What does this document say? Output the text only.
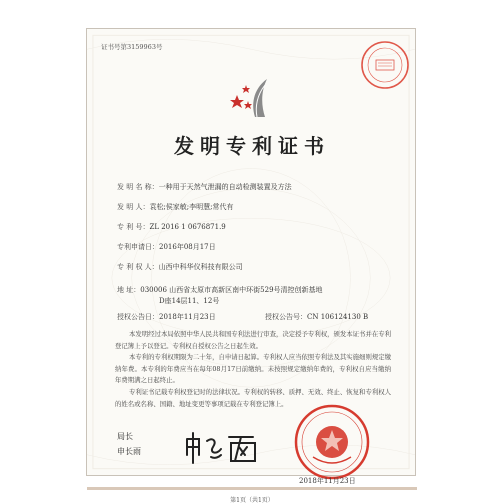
证书号第3159963号
发明专利证书
发 明 名 称：一种用于天然气泄漏的自动检测装置及方法
发 明 人：袁松;侯家敏;李明慧;常代有
专 利 号：ZL 2016 1 0676871.9
专利申请日：2016年08月17日
专 利 权 人：山西中科华仪科技有限公司
地 址：030006 山西省太原市高新区南中环街529号清控创新基地
D座14层11、12号
授权公告日：2018年11月23日	授权公告号：CN 106124130 B
本发明经过本局依照中华人民共和国专利法进行审查，决定授予专利权，颁发本证书并在专利登记簿上予以登记。专利权自授权公告之日起生效。
本专利的专利权期限为二十年，自申请日起算。专利权人应当依照专利法及其实施细则规定缴纳年费。本专利的年费应当在每年08月17日前缴纳。未按照规定缴纳年费的，专利权自应当缴纳年费期满之日起终止。
专利证书记载专利权登记时的法律状况。专利权的转移、质押、无效、终止、恢复和专利权人的姓名或名称、国籍、地址变更等事项记载在专利登记簿上。
局长
申长雨
2018年11月23日
第1页（共1页）
